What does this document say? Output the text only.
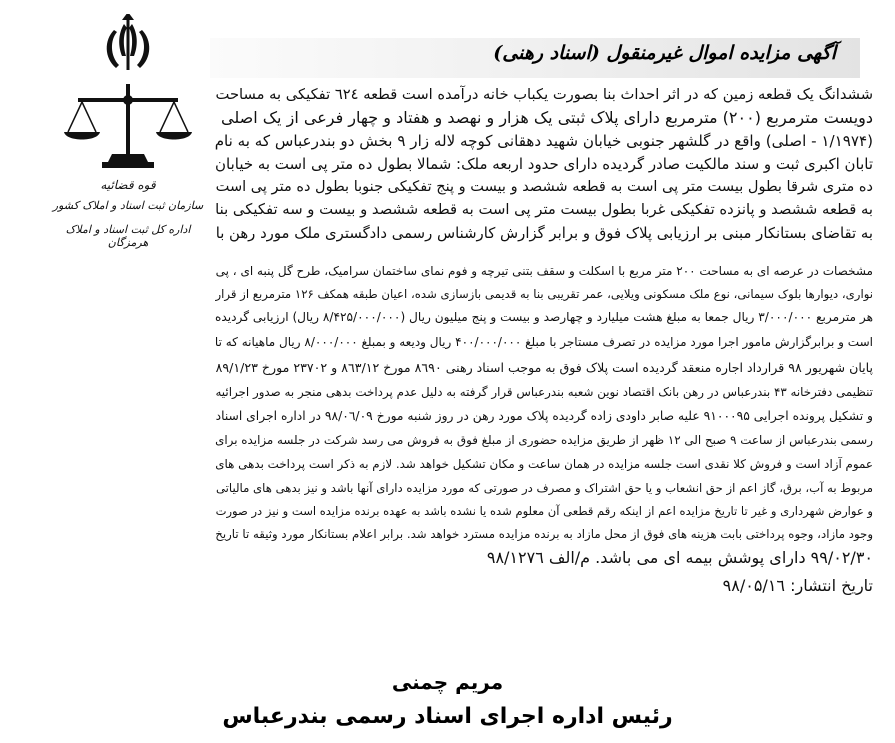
قوه قضائیه
سازمان ثبت اسناد و املاک کشور
اداره کل ثبت اسناد و املاک هرمزگان
آگهی مزایده اموال غیرمنقول (اسناد رهنی)
ششدانگ یک قطعه زمین که در اثر احداث بنا بصورت یکباب خانه درآمده است قطعه ٦٢٤ تفکیکی به مساحت
دویست مترمربع (۲۰۰) مترمربع دارای پلاک ثبتی یک هزار و نهصد و هفتاد و چهار فرعی از یک اصلی
(۱/۱۹۷۴ - اصلی) واقع در گلشهر جنوبی خیابان شهید دهقانی کوچه لاله زار ۹ بخش دو بندرعباس که به نام
تابان اکبری ثبت و سند مالکیت صادر گردیده دارای حدود اربعه ملک: شمالا بطول ده متر پی است به خیابان
ده متری شرقا بطول بیست متر پی است به قطعه ششصد و بیست و پنج تفکیکی جنوبا بطول ده متر پی است
به قطعه ششصد و پانزده تفکیکی غربا بطول بیست متر پی است به قطعه ششصد و بیست و سه تفکیکی بنا
به تقاضای بستانکار مبنی بر ارزیابی پلاک فوق و برابر گزارش کارشناس رسمی دادگستری ملک مورد رهن با
مشخصات در عرصه ای به مساحت ۲۰۰ متر مربع با اسکلت و سقف بتنی تیرچه و فوم نمای ساختمان سرامیک، طرح گل پنبه ای ، پی
نواری، دیوارها بلوک سیمانی، نوع ملک مسکونی ویلایی، عمر تقریبی بنا به قدیمی بازسازی شده، اعیان طبقه همکف ۱۲۶ مترمربع از قرار
هر مترمربع ۳/۰۰۰/۰۰۰ ریال جمعا به مبلغ هشت میلیارد و چهارصد و بیست و پنج میلیون ریال (۸/۴۲۵/۰۰۰/۰۰۰ ریال) ارزیابی گردیده
است و برابرگزارش مامور اجرا مورد مزایده در تصرف مستاجر با مبلغ ۴۰۰/۰۰۰/۰۰۰ ریال ودیعه و بمبلغ ۸/۰۰۰/۰۰۰ ریال ماهیانه که تا
پایان شهریور ۹۸ قرارداد اجاره منعقد گردیده است پلاک فوق به موجب اسناد رهنی ۸٦۹۰ مورخ ۸٦۳/۱۲ و ۲۳۷۰۲ مورخ ۸۹/۱/۲۳
تنظیمی دفترخانه ۴۳ بندرعباس در رهن بانک اقتصاد نوین شعبه بندرعباس قرار گرفته به دلیل عدم پرداخت بدهی منجر به صدور اجرائیه
و تشکیل پرونده اجرایی ۹۱۰۰۰۹۵ علیه صابر داودی زاده گردیده پلاک مورد رهن در روز شنبه مورخ ۹۸/۰٦/۰۹ در اداره اجرای اسناد
رسمی بندرعباس از ساعت ۹ صبح الی ۱۲ ظهر از طریق مزایده حضوری از مبلغ فوق به فروش می رسد شرکت در جلسه مزایده برای
عموم آزاد است و فروش کلا نقدی است جلسه مزایده در همان ساعت و مکان تشکیل خواهد شد. لازم به ذکر است پرداخت بدهی های
مربوط به آب، برق، گاز اعم از حق انشعاب و یا حق اشتراک و مصرف در صورتی که مورد مزایده دارای آنها باشد و نیز بدهی های مالیاتی
و عوارض شهرداری و غیر تا تاریخ مزایده اعم از اینکه رقم قطعی آن معلوم شده یا نشده باشد به عهده برنده مزایده است و نیز در صورت
وجود مازاد، وجوه پرداختی بابت هزینه های فوق از محل مازاد به برنده مزایده مسترد خواهد شد. برابر اعلام بستانکار مورد وثیقه تا تاریخ
۹۹/۰۲/۳۰ دارای پوشش بیمه ای می باشد. م/الف ۹۸/۱۲۷٦
تاریخ انتشار: ۹۸/۰۵/۱٦
مریم چمنی
رئیس اداره اجرای اسناد رسمی بندرعباس
